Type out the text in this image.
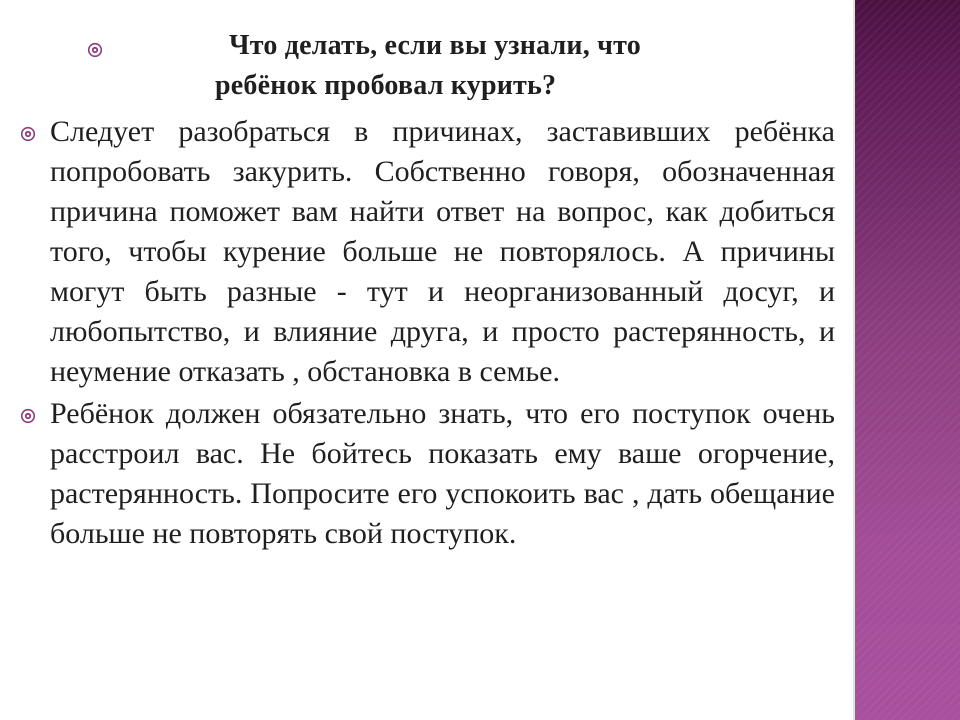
Что делать, если вы узнали, что
ребёнок пробовал курить?

Следует разобраться в причинах, заставивших ребёнка попробовать закурить. Собственно говоря, обозначенная причина поможет вам найти ответ на вопрос, как добиться того, чтобы курение больше не повторялось. А причины могут быть разные - тут и неорганизованный досуг, и любопытство, и влияние друга, и просто растерянность, и неумение отказать , обстановка в семье.

Ребёнок должен обязательно знать, что его поступок очень расстроил вас. Не бойтесь показать ему ваше огорчение, растерянность. Попросите его успокоить вас , дать обещание больше не повторять свой поступок.
